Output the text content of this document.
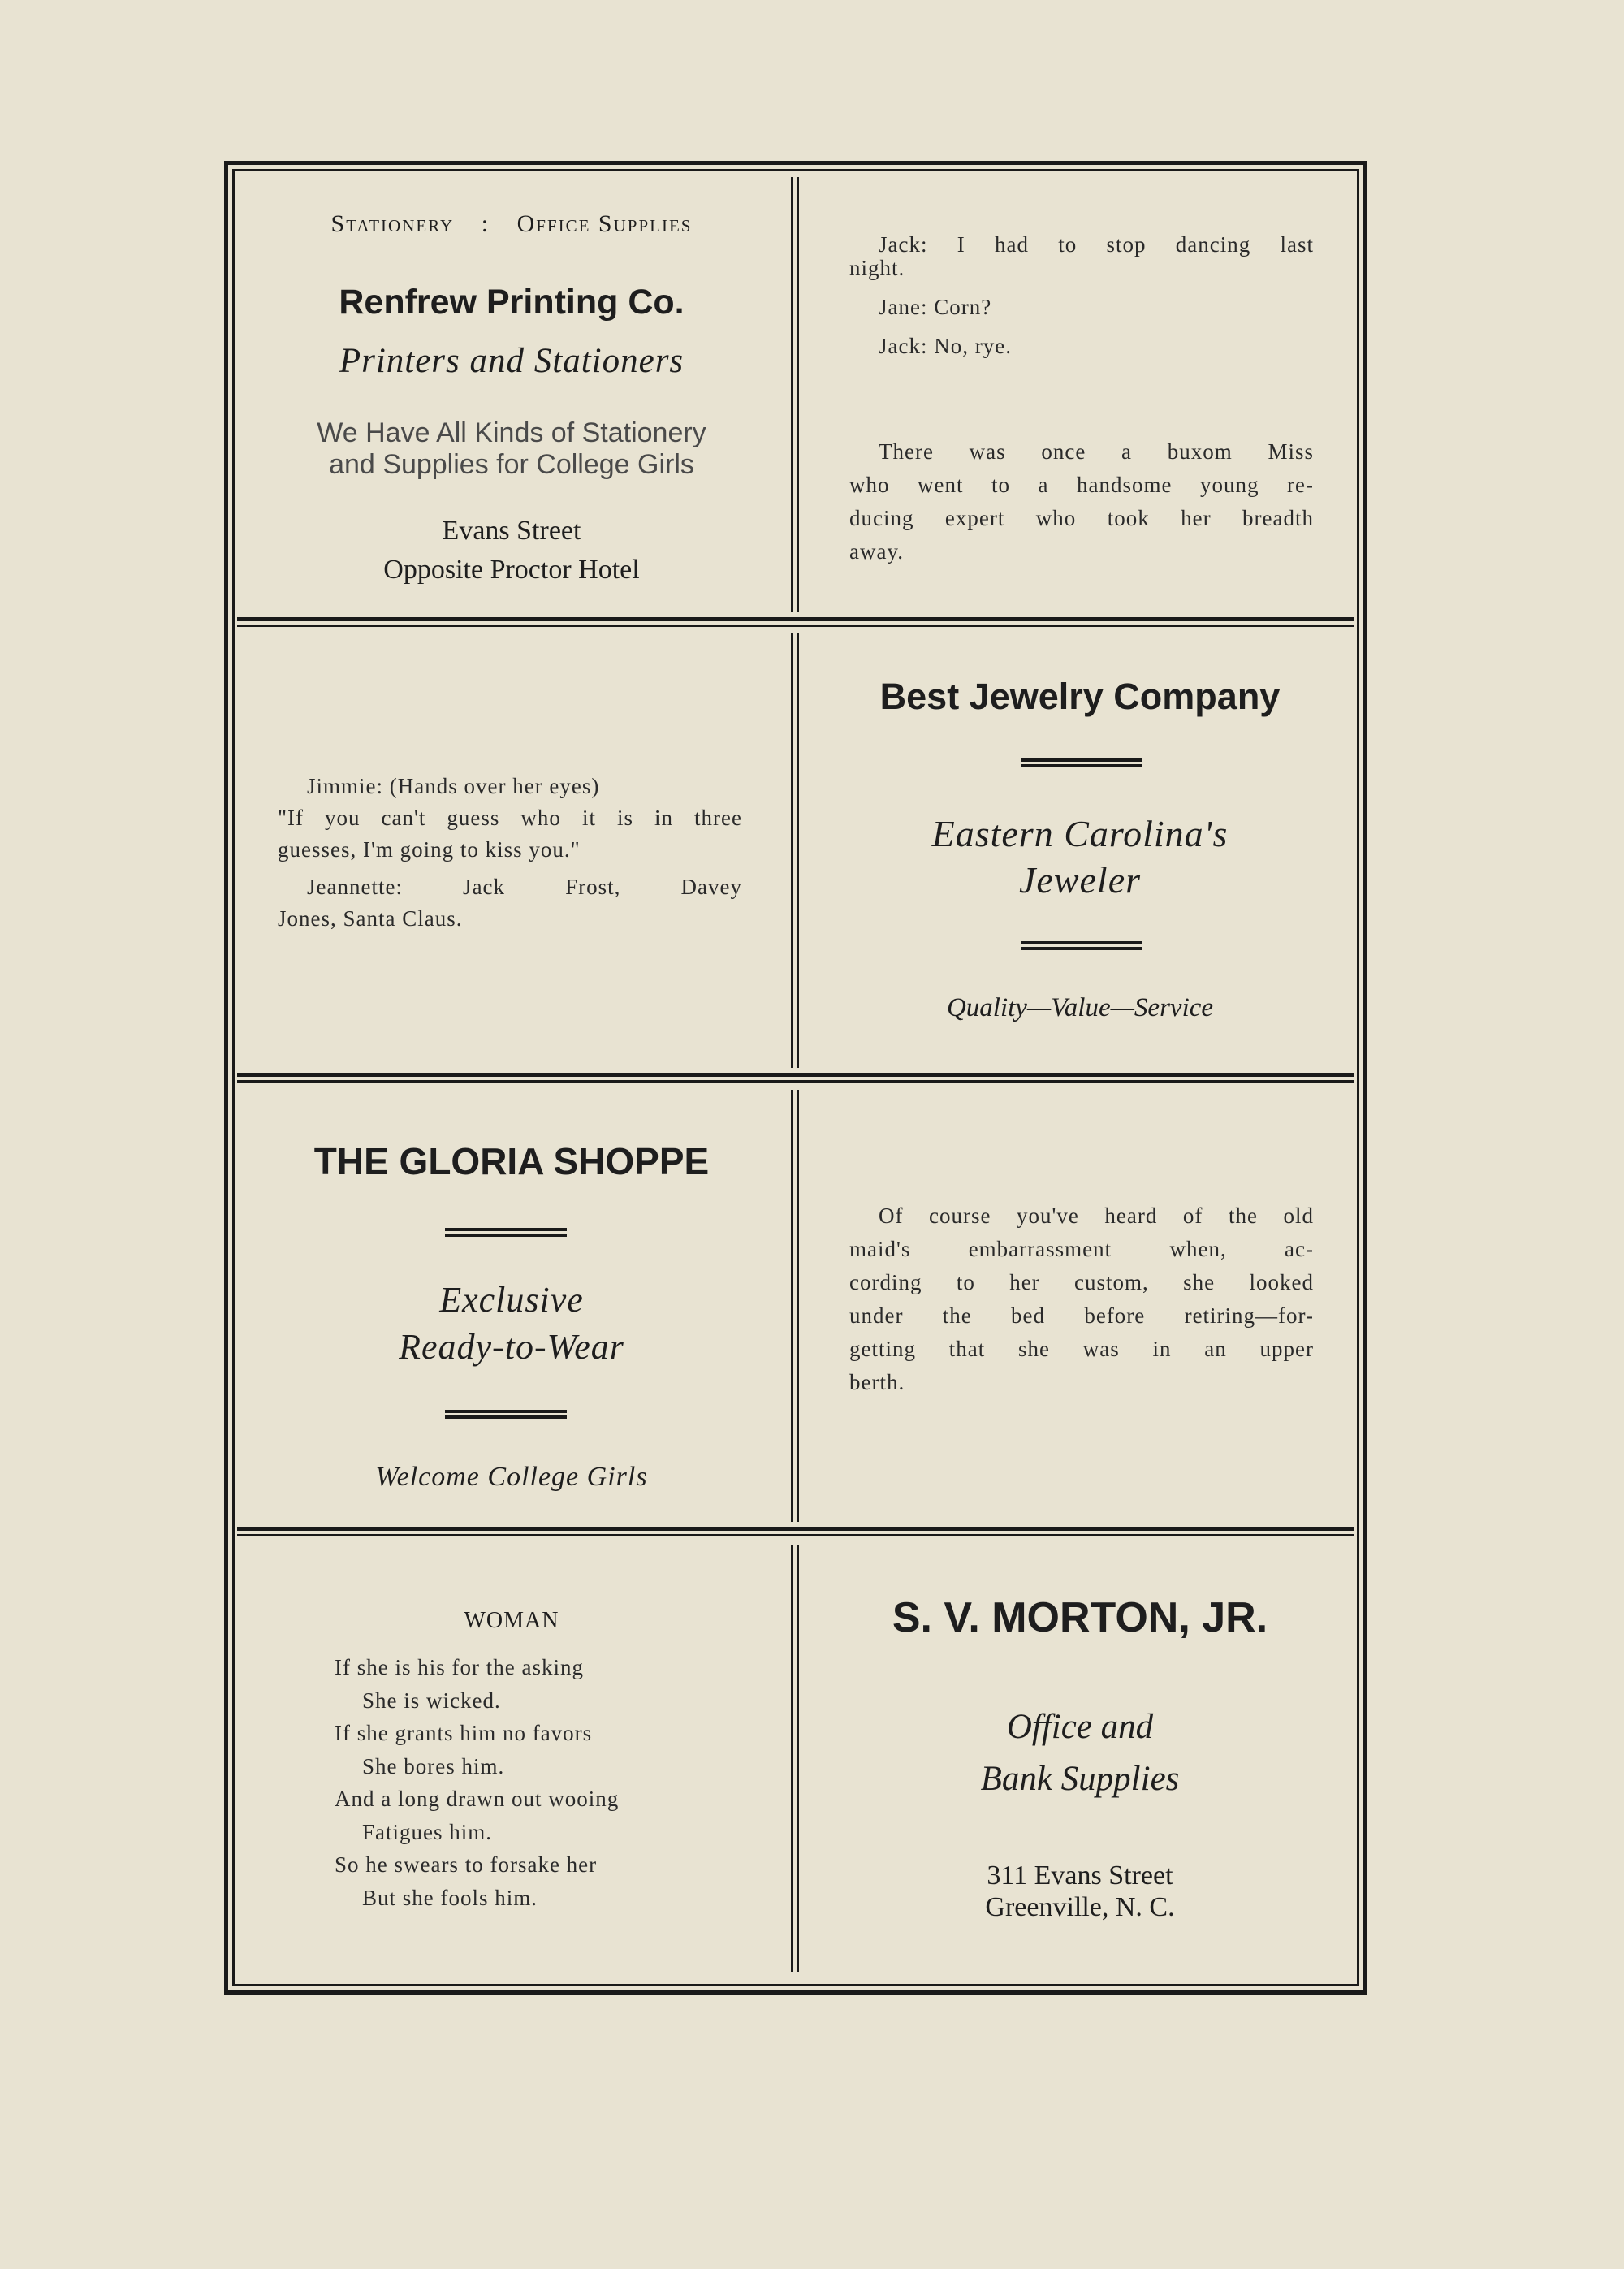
Stationery : Office Supplies
Renfrew Printing Co.
Printers and Stationers
We Have All Kinds of Stationery
and Supplies for College Girls
Evans Street
Opposite Proctor Hotel
Jack: I had to stop dancing last
night.
Jane: Corn?
Jack: No, rye.
There was once a buxom Miss
who went to a handsome young re-
ducing expert who took her breadth
away.
Jimmie: (Hands over her eyes)
"If you can't guess who it is in three
guesses, I'm going to kiss you."
Jeannette: Jack Frost, Davey
Jones, Santa Claus.
Best Jewelry Company
Eastern Carolina's
Jeweler
Quality—Value—Service
THE GLORIA SHOPPE
Exclusive
Ready-to-Wear
Welcome College Girls
Of course you've heard of the old
maid's embarrassment when, ac-
cording to her custom, she looked
under the bed before retiring—for-
getting that she was in an upper
berth.
WOMAN
If she is his for the asking
She is wicked.
If she grants him no favors
She bores him.
And a long drawn out wooing
Fatigues him.
So he swears to forsake her
But she fools him.
S. V. MORTON, JR.
Office and
Bank Supplies
311 Evans Street
Greenville, N. C.
